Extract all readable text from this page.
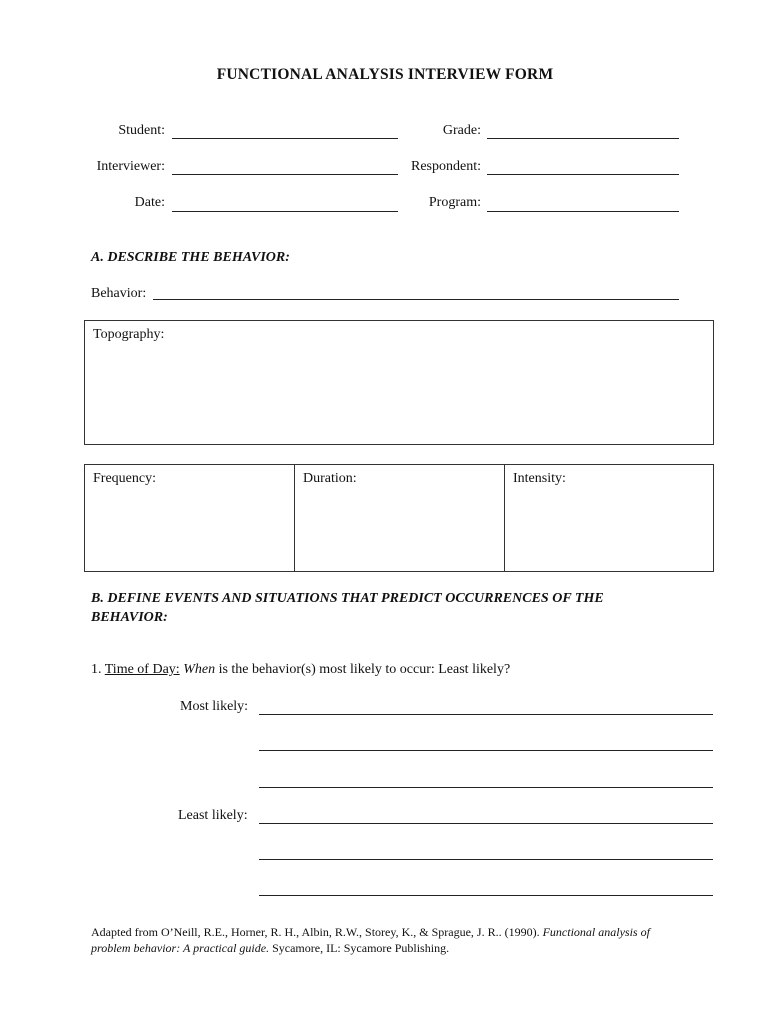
FUNCTIONAL ANALYSIS INTERVIEW FORM
Student:	Grade:
Interviewer:	Respondent:
Date:	Program:
A. DESCRIBE THE BEHAVIOR:
Behavior:
Topography:
Frequency:	Duration:	Intensity:
B. DEFINE EVENTS AND SITUATIONS THAT PREDICT OCCURRENCES OF THE
BEHAVIOR:
1. Time of Day: When is the behavior(s) most likely to occur: Least likely?
Most likely:
Least likely:
Adapted from O’Neill, R.E., Horner, R. H., Albin, R.W., Storey, K., & Sprague, J. R.. (1990). Functional analysis of
problem behavior: A practical guide. Sycamore, IL: Sycamore Publishing.
